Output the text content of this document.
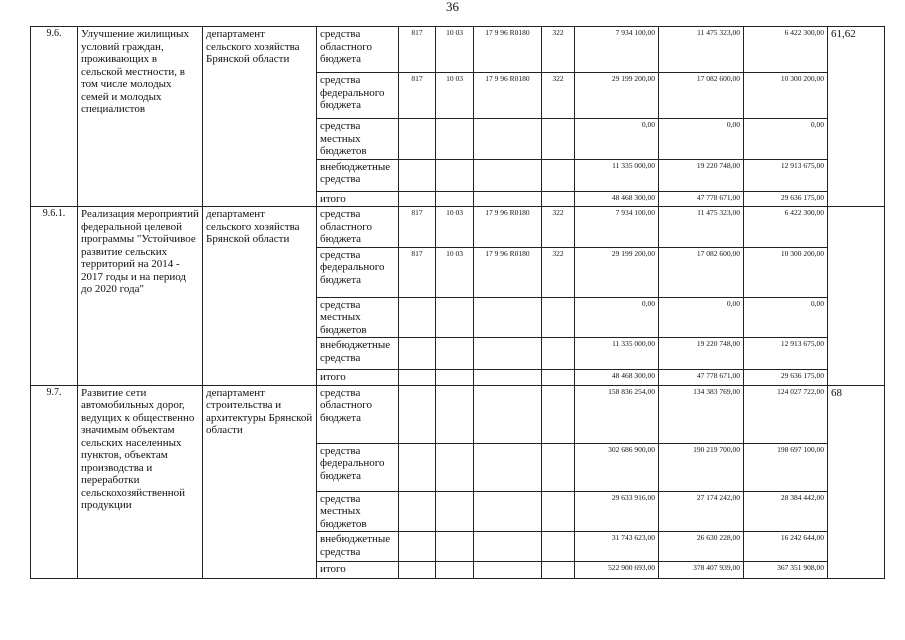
36
9.6.	Улучшение жилищных условий граждан, проживающих в сельской местности, в том числе молодых семей и молодых специалистов	департамент сельского хозяйства Брянской области	средства областного бюджета	817	10 03	17 9 96 R0180	322	7 934 100,00	11 475 323,00	6 422 300,00	61,62
			средства федерального бюджета	817	10 03	17 9 96 R0180	322	29 199 200,00	17 082 600,00	10 300 200,00	
			средства местных бюджетов					0,00	0,00	0,00	
			внебюджетные средства					11 335 000,00	19 220 748,00	12 913 675,00	
			итого					48 468 300,00	47 778 671,00	29 636 175,00	
9.6.1.	Реализация мероприятий федеральной целевой программы "Устойчивое развитие сельских территорий на 2014 - 2017 годы и на период до 2020 года"	департамент сельского хозяйства Брянской области	средства областного бюджета	817	10 03	17 9 96 R0180	322	7 934 100,00	11 475 323,00	6 422 300,00	
			средства федерального бюджета	817	10 03	17 9 96 R0180	322	29 199 200,00	17 082 600,00	10 300 200,00	
			средства местных бюджетов					0,00	0,00	0,00	
			внебюджетные средства					11 335 000,00	19 220 748,00	12 913 675,00	
			итого					48 468 300,00	47 778 671,00	29 636 175,00	
9.7.	Развитие сети автомобильных дорог, ведущих к общественно значимым объектам сельских населенных пунктов, объектам производства и переработки сельскохозяйственной продукции	департамент строительства и архитектуры Брянской области	средства областного бюджета					158 836 254,00	134 383 769,00	124 027 722,00	68
			средства федерального бюджета					302 686 900,00	190 219 700,00	198 697 100,00	
			средства местных бюджетов					29 633 916,00	27 174 242,00	28 384 442,00	
			внебюджетные средства					31 743 623,00	26 630 228,00	16 242 644,00	
			итого					522 900 693,00	378 407 939,00	367 351 908,00	
